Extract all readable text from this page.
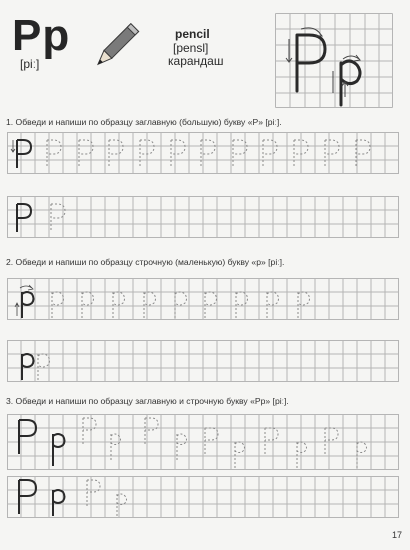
Pp
[piː]
pencil
[pensl]
карандаш
1. Обведи и напиши по образцу заглавную (большую) букву «P» [piː].
2. Обведи и напиши по образцу строчную (маленькую) букву «p» [piː].
3. Обведи и напиши по образцу заглавную и строчную букву «Pp» [piː].
17
